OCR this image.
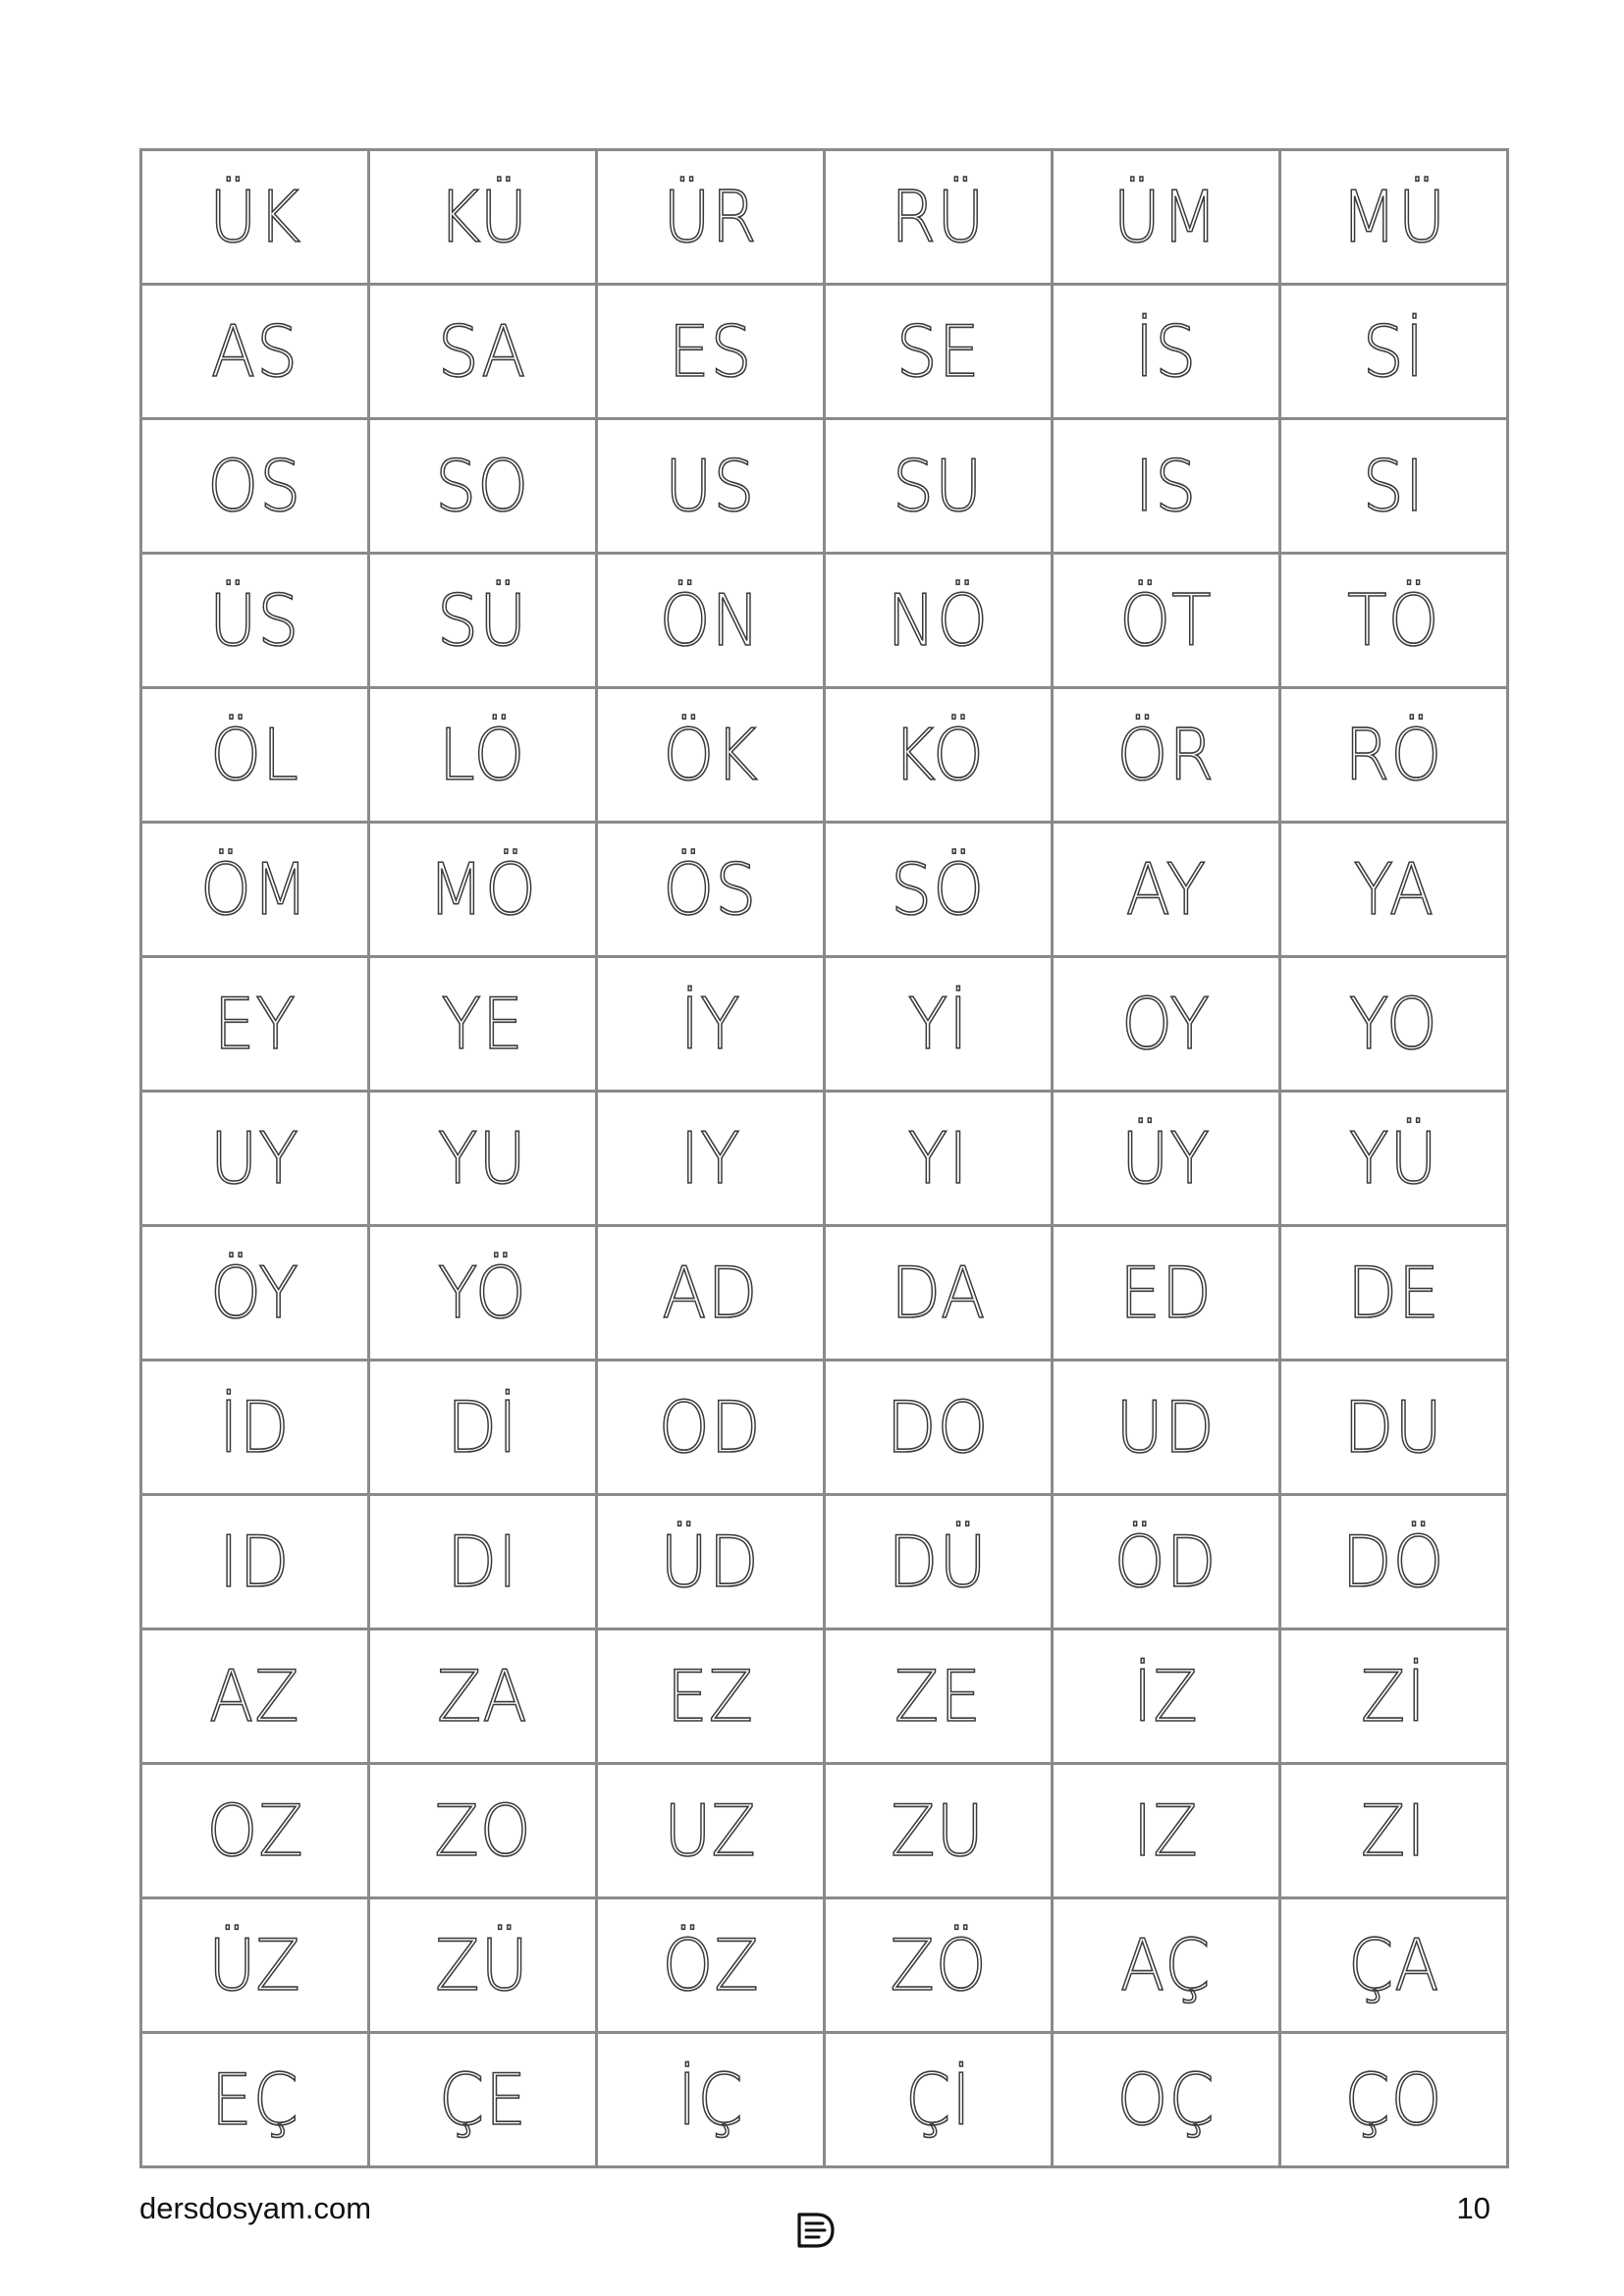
ÜK	KÜ	ÜR	RÜ	ÜM	MÜ
AS	SA	ES	SE	İS	Sİ
OS	SO	US	SU	IS	SI
ÜS	SÜ	ÖN	NÖ	ÖT	TÖ
ÖL	LÖ	ÖK	KÖ	ÖR	RÖ
ÖM	MÖ	ÖS	SÖ	AY	YA
EY	YE	İY	Yİ	OY	YO
UY	YU	IY	YI	ÜY	YÜ
ÖY	YÖ	AD	DA	ED	DE
İD	Dİ	OD	DO	UD	DU
ID	DI	ÜD	DÜ	ÖD	DÖ
AZ	ZA	EZ	ZE	İZ	Zİ
OZ	ZO	UZ	ZU	IZ	ZI
ÜZ	ZÜ	ÖZ	ZÖ	AÇ	ÇA
EÇ	ÇE	İÇ	Çİ	OÇ	ÇO
dersdosyam.com	10
